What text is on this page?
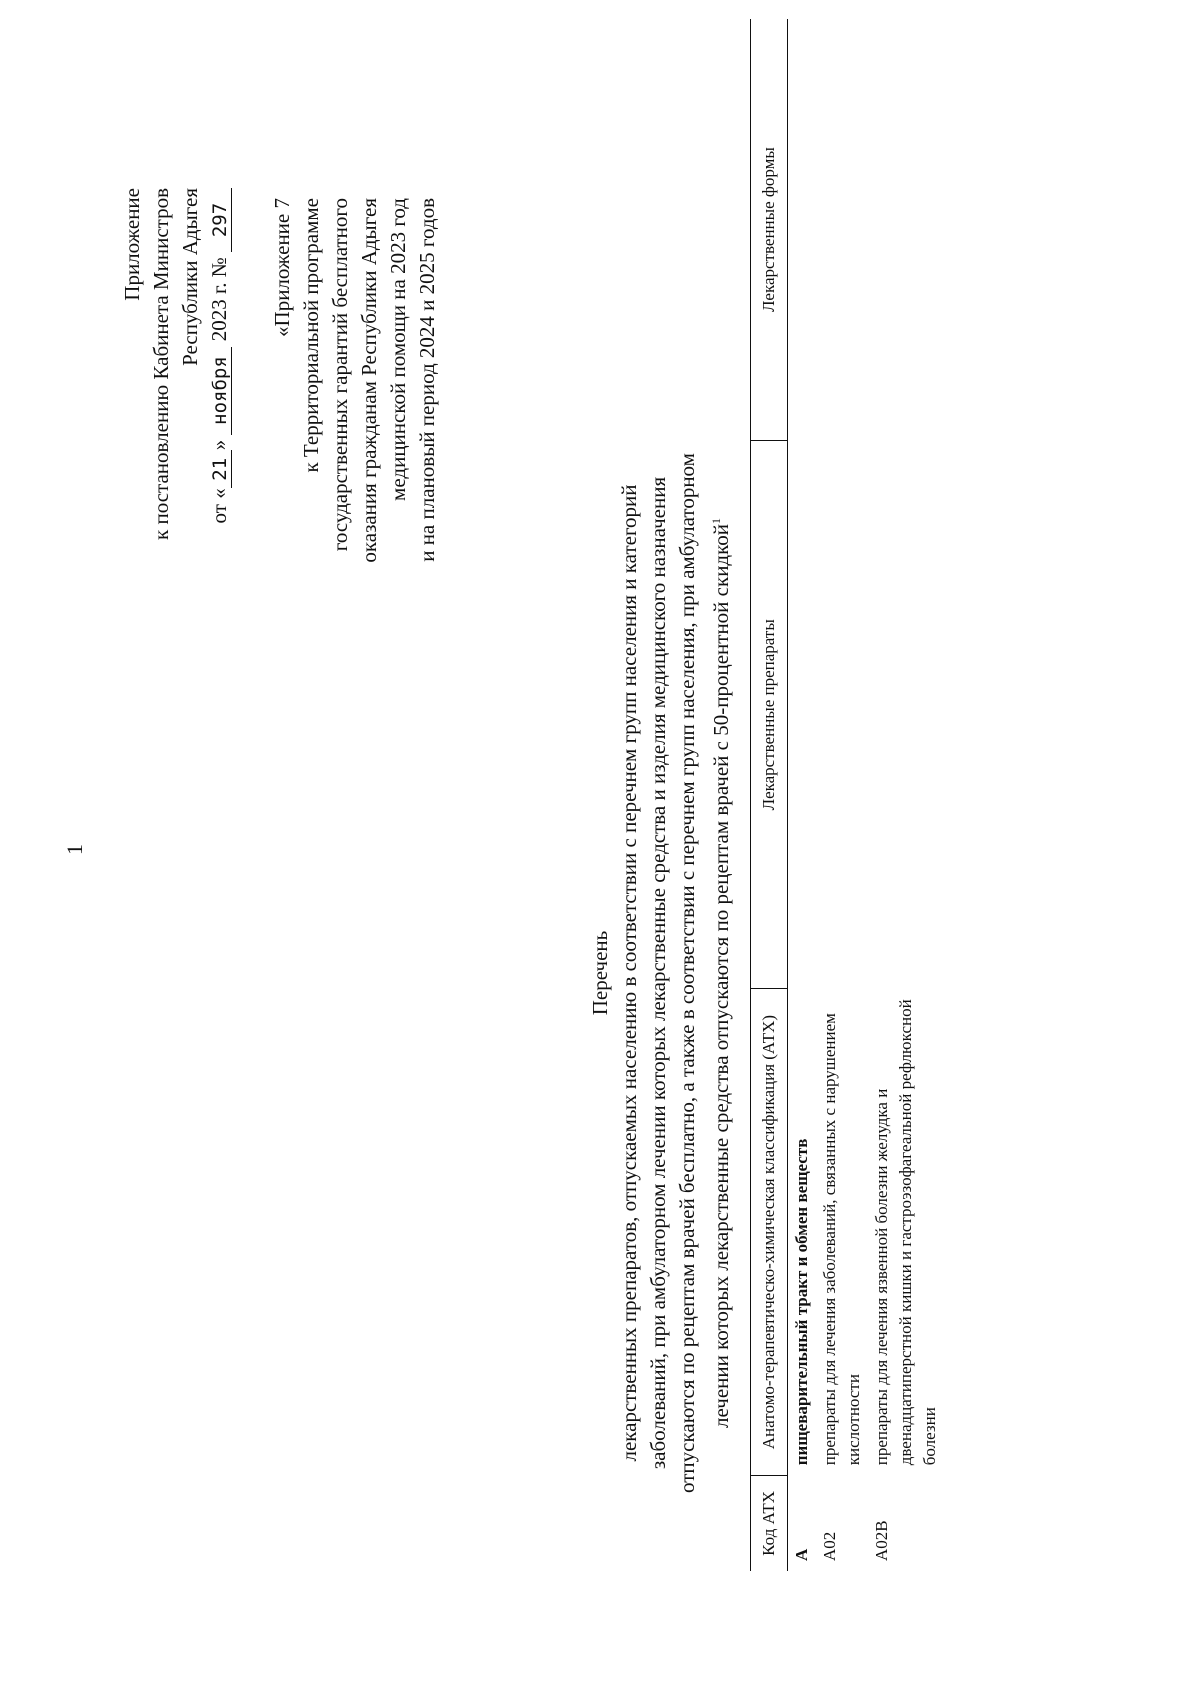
1
Приложение к постановлению Кабинета Министров Республики Адыгея
от «21» ноября 2023 г. № 297 «Приложение 7 к Территориальной программе государственных гарантий бесплатного оказания гражданам Республики Адыгея медицинской помощи на 2023 год и на плановый период 2024 и 2025 годов
Перечень лекарственных препаратов, отпускаемых населению в соответствии с перечнем групп населения и категорий заболеваний, при амбулаторном лечении которых лекарственные средства и изделия медицинского назначения отпускаются по рецептам врачей бесплатно, а также в соответствии с перечнем групп населения, при амбулаторном лечении которых лекарственные средства отпускаются по рецептам врачей с 50-процентной скидкой$^1$
Код АТХ	Анатомо-терапевтическо-химическая классификация (АТХ)	Лекарственные препараты	Лекарственные формы
А	пищеварительный тракт и обмен веществ		
А02	препараты для лечения заболеваний, связанных с нарушением кислотности		
А02В	препараты для лечения язвенной болезни желудка и двенадцатиперстной кишки и гастроэзофагеальной рефлюксной болезни		
